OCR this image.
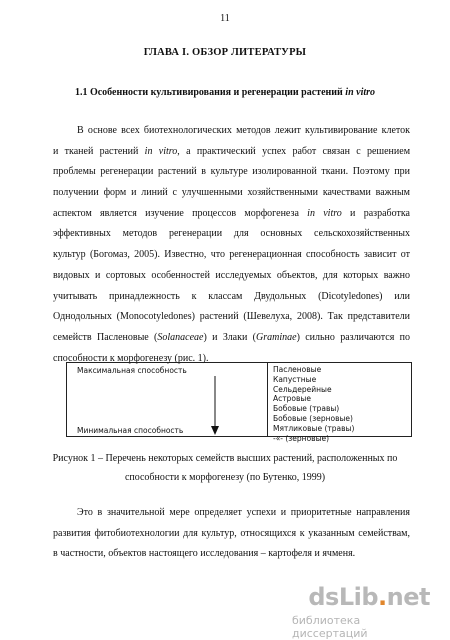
11
ГЛАВА I. ОБЗОР ЛИТЕРАТУРЫ
1.1 Особенности культивирования и регенерации растений in vitro
В основе всех биотехнологических методов лежит культивирование клеток
и тканей растений in vitro, а практический успех работ связан с решением
проблемы регенерации растений в культуре изолированной ткани. Поэтому при
получении форм и линий с улучшенными хозяйственными качествами важным
аспектом является изучение процессов морфогенеза in vitro и разработка
эффективных методов регенерации для основных сельскохозяйственных
культур (Богомаз, 2005). Известно, что регенерационная способность зависит от
видовых и сортовых особенностей исследуемых объектов, для которых важно
учитывать принадлежность к классам Двудольных (Dicotyledones) или
Однодольных (Monocotyledones) растений (Шевелуха, 2008). Так представители
семейств Пасленовые (Solanaceae) и Злаки (Graminae) сильно различаются по
способности к морфогенезу (рис. 1).
Максимальная способность
Минимальная способность
Пасленовые
Капустные
Сельдерейные
Астровые
Бобовые (травы)
Бобовые (зерновые)
Мятликовые (травы)
-«- (зерновые)
Рисунок 1 – Перечень некоторых семейств высших растений, расположенных по
способности к морфогенезу (по Бутенко, 1999)
Это в значительной мере определяет успехи и приоритетные направления
развития фитобиотехнологии для культур, относящихся к указанным семействам,
в частности, объектов настоящего исследования – картофеля и ячменя.
dsLib.net
библиотека диссертаций
